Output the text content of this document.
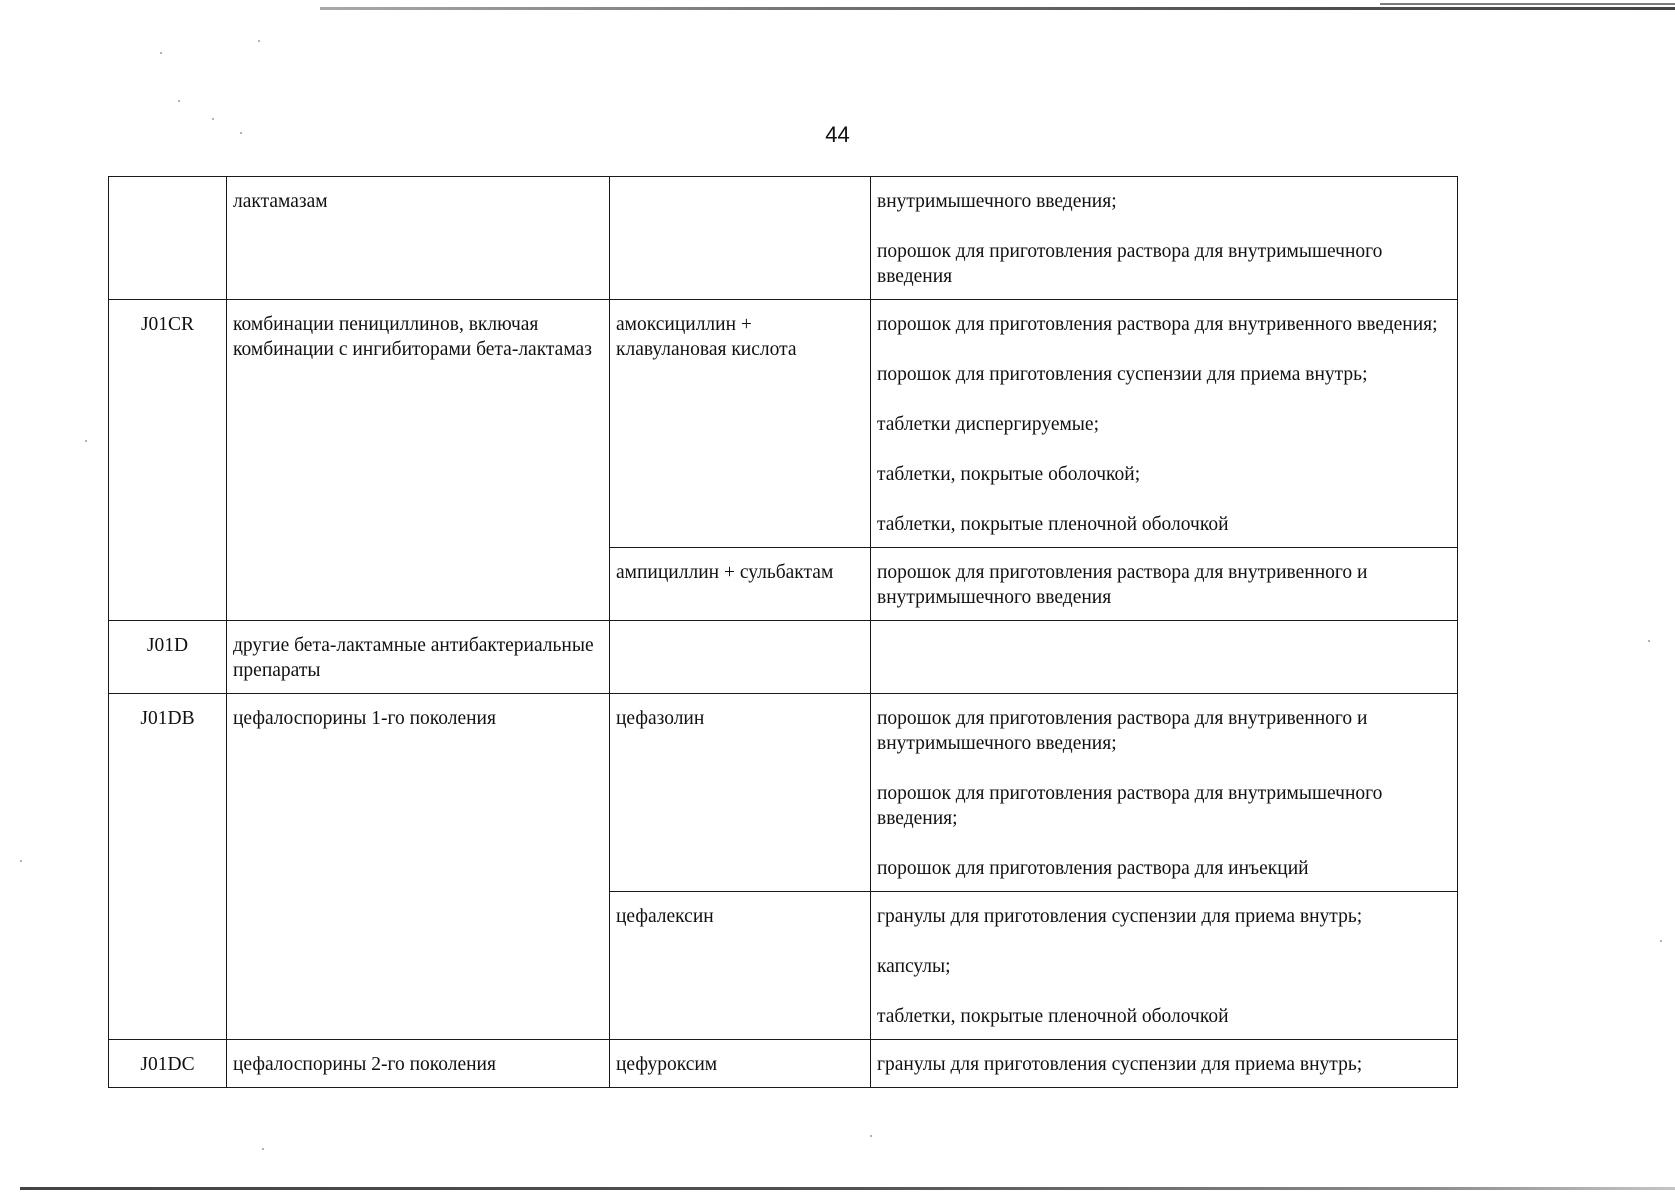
44
	лактамазам		внутримышечного введения;
порошок для приготовления раствора для внутримышечного введения

J01CR	комбинации пенициллинов, включая комбинации с ингибиторами бета-лактамаз	амоксициллин + клавулановая кислота	порошок для приготовления раствора для внутривенного введения;
порошок для приготовления суспензии для приема внутрь;
таблетки диспергируемые;
таблетки, покрытые оболочкой;
таблетки, покрытые пленочной оболочкой

		ампициллин + сульбактам	порошок для приготовления раствора для внутривенного и внутримышечного введения

J01D	другие бета-лактамные антибактериальные препараты		
J01DB	цефалоспорины 1-го поколения	цефазолин	порошок для приготовления раствора для внутривенного и внутримышечного введения;
порошок для приготовления раствора для внутримышечного введения;
порошок для приготовления раствора для инъекций

		цефалексин	гранулы для приготовления суспензии для приема внутрь;
капсулы;
таблетки, покрытые пленочной оболочкой

J01DC	цефалоспорины 2-го поколения	цефуроксим	гранулы для приготовления суспензии для приема внутрь;
